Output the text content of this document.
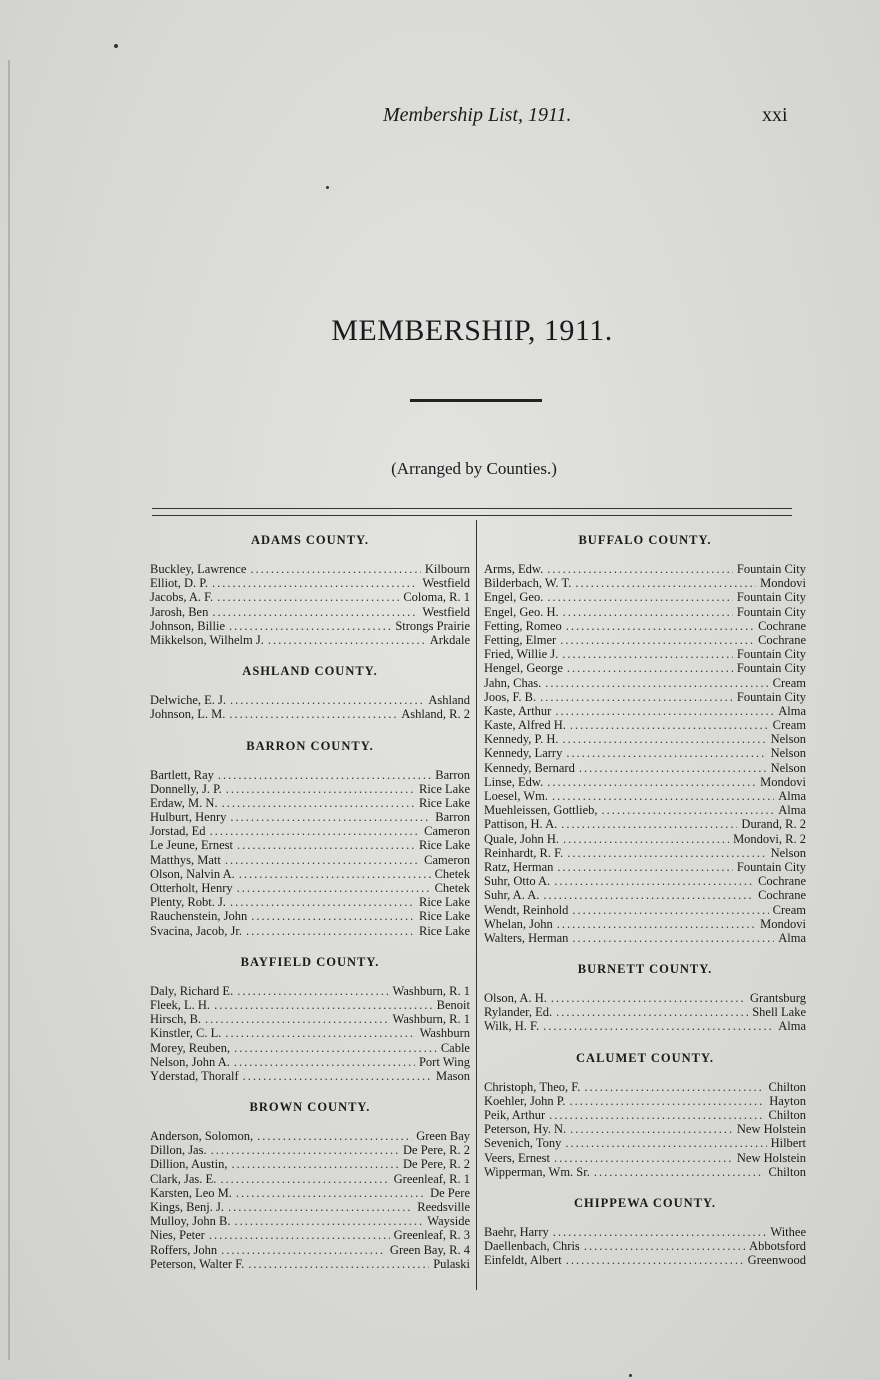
Membership List, 1911.	xxi
MEMBERSHIP, 1911.
(Arranged by Counties.)
ADAMS COUNTY.
Buckley, Lawrence .....	Kilbourn
Elliot, D. P. .....	Westfield
Jacobs, A. F. .....	Coloma, R. 1
Jarosh, Ben .....	Westfield
Johnson, Billie .....	Strongs Prairie
Mikkelson, Wilhelm J. .....	Arkdale
ASHLAND COUNTY.
Delwiche, E. J. .....	Ashland
Johnson, L. M. .....	Ashland, R. 2
BARRON COUNTY.
Bartlett, Ray .....	Barron
Donnelly, J. P. .....	Rice Lake
Erdaw, M. N. .....	Rice Lake
Hulburt, Henry .....	Barron
Jorstad, Ed .....	Cameron
Le Jeune, Ernest .....	Rice Lake
Matthys, Matt .....	Cameron
Olson, Nalvin A. .....	Chetek
Otterholt, Henry .....	Chetek
Plenty, Robt. J. .....	Rice Lake
Rauchenstein, John .....	Rice Lake
Svacina, Jacob, Jr. .....	Rice Lake
BAYFIELD COUNTY.
Daly, Richard E. .....	Washburn, R. 1
Fleek, L. H. .....	Benoit
Hirsch, B. .....	Washburn, R. 1
Kinstler, C. L. .....	Washburn
Morey, Reuben, .....	Cable
Nelson, John A. .....	Port Wing
Yderstad, Thoralf .....	Mason
BROWN COUNTY.
Anderson, Solomon, .....	Green Bay
Dillon, Jas. .....	De Pere, R. 2
Dillion, Austin, .....	De Pere, R. 2
Clark, Jas. E. .....	Greenleaf, R. 1
Karsten, Leo M. .....	De Pere
Kings, Benj. J. .....	Reedsville
Mulloy, John B. .....	Wayside
Nies, Peter .....	Greenleaf, R. 3
Roffers, John .....	Green Bay, R. 4
Peterson, Walter F. .....	Pulaski
BUFFALO COUNTY.
Arms, Edw. .....	Fountain City
Bilderbach, W. T. .....	Mondovi
Engel, Geo. .....	Fountain City
Engel, Geo. H. .....	Fountain City
Fetting, Romeo .....	Cochrane
Fetting, Elmer .....	Cochrane
Fried, Willie J. .....	Fountain City
Hengel, George .....	Fountain City
Jahn, Chas. .....	Cream
Joos, F. B. .....	Fountain City
Kaste, Arthur .....	Alma
Kaste, Alfred H. .....	Cream
Kennedy, P. H. .....	Nelson
Kennedy, Larry .....	Nelson
Kennedy, Bernard .....	Nelson
Linse, Edw. .....	Mondovi
Loesel, Wm. .....	Alma
Muehleissen, Gottlieb, .....	Alma
Pattison, H. A. .....	Durand, R. 2
Quale, John H. .....	Mondovi, R. 2
Reinhardt, R. F. .....	Nelson
Ratz, Herman .....	Fountain City
Suhr, Otto A. .....	Cochrane
Suhr, A. A. .....	Cochrane
Wendt, Reinhold .....	Cream
Whelan, John .....	Mondovi
Walters, Herman .....	Alma
BURNETT COUNTY.
Olson, A. H. .....	Grantsburg
Rylander, Ed. .....	Shell Lake
Wilk, H. F. .....	Alma
CALUMET COUNTY.
Christoph, Theo, F. .....	Chilton
Koehler, John P. .....	Hayton
Peik, Arthur .....	Chilton
Peterson, Hy. N. .....	New Holstein
Sevenich, Tony .....	Hilbert
Veers, Ernest .....	New Holstein
Wipperman, Wm. Sr. .....	Chilton
CHIPPEWA COUNTY.
Baehr, Harry .....	Withee
Daellenbach, Chris .....	Abbotsford
Einfeldt, Albert .....	Greenwood
